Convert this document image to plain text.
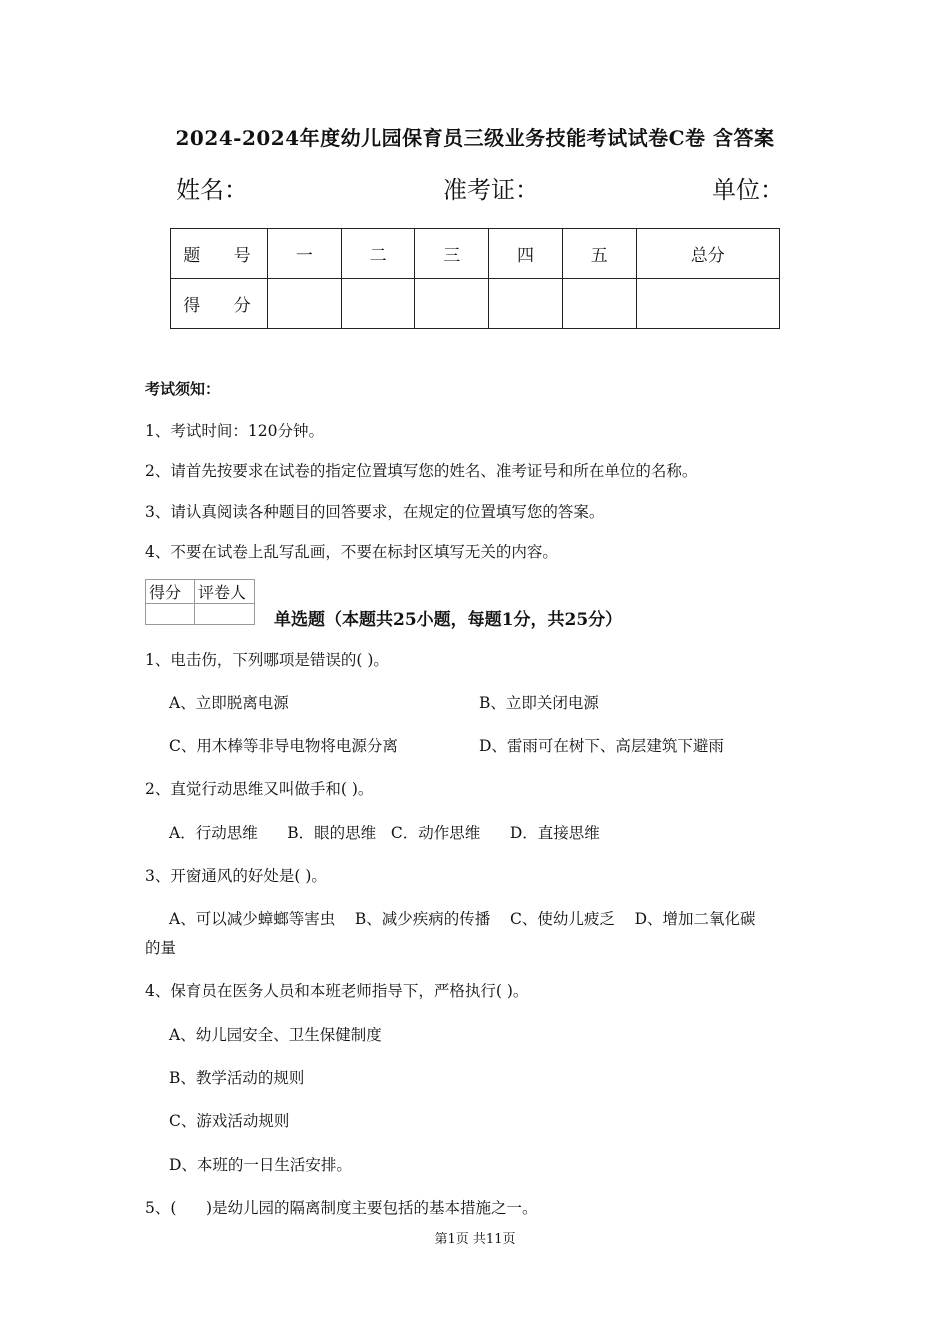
2024-2024年度幼儿园保育员三级业务技能考试试卷C卷 含答案
姓名：	准考证：	单位：
题 号	一	二	三	四	五	总分
得 分						
考试须知：
1、考试时间：120分钟。
2、请首先按要求在试卷的指定位置填写您的姓名、准考证号和所在单位的名称。
3、请认真阅读各种题目的回答要求，在规定的位置填写您的答案。
4、不要在试卷上乱写乱画，不要在标封区填写无关的内容。
得分	评卷人

单选题（本题共25小题，每题1分，共25分）
1、电击伤，下列哪项是错误的( )。
A、立即脱离电源	B、立即关闭电源
C、用木棒等非导电物将电源分离	D、雷雨可在树下、高层建筑下避雨
2、直觉行动思维又叫做手和( )。
A．行动思维      B．眼的思维   C．动作思维      D．直接思维
3、开窗通风的好处是( )。
A、可以减少蟑螂等害虫    B、减少疾病的传播    C、使幼儿疲乏    D、增加二氧化碳
的量
4、保育员在医务人员和本班老师指导下，严格执行( )。
A、幼儿园安全、卫生保健制度
B、教学活动的规则
C、游戏活动规则
D、本班的一日生活安排。
5、(      )是幼儿园的隔离制度主要包括的基本措施之一。
第1页 共11页
